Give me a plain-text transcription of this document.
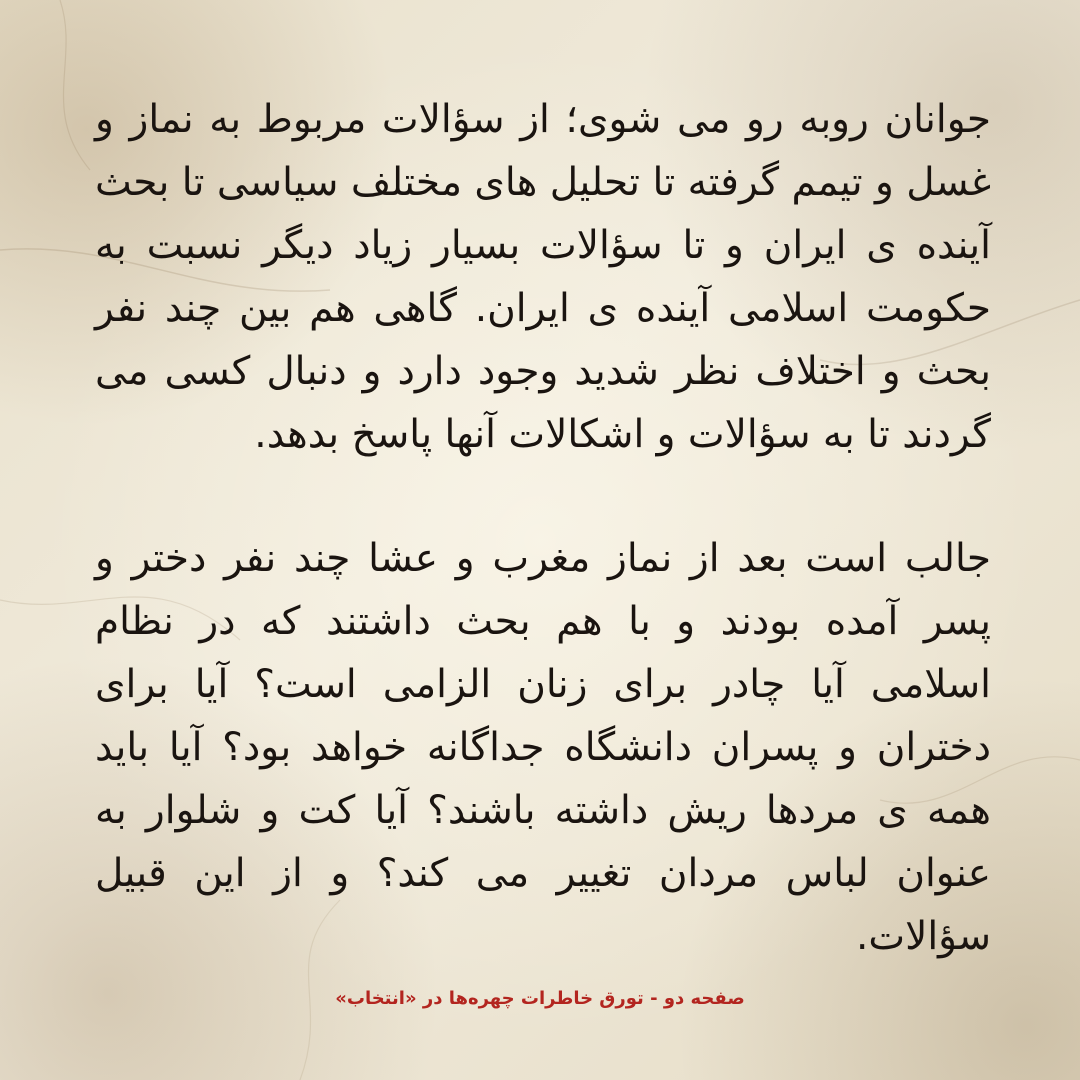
جوانان روبه رو می شوی؛ از سؤالات مربوط به نماز و غسل و تیمم گرفته تا تحلیل های مختلف سیاسی تا بحث آینده ی ایران و تا سؤالات بسیار زیاد دیگر نسبت به حکومت اسلامی آینده ی ایران. گاهی هم بین چند نفر بحث و اختلاف نظر شدید وجود دارد و دنبال کسی می گردند تا به سؤالات و اشکالات آنها پاسخ بدهد.

جالب است بعد از نماز مغرب و عشا چند نفر دختر و پسر آمده بودند و با هم بحث داشتند که در نظام اسلامی آیا چادر برای زنان الزامی است؟ آیا برای دختران و پسران دانشگاه جداگانه خواهد بود؟ آیا باید همه ی مردها ریش داشته باشند؟ آیا کت و شلوار به عنوان لباس مردان تغییر می کند؟ و از این قبیل سؤالات.

صفحه دو - تورق خاطرات چهره‌ها در «انتخاب»
